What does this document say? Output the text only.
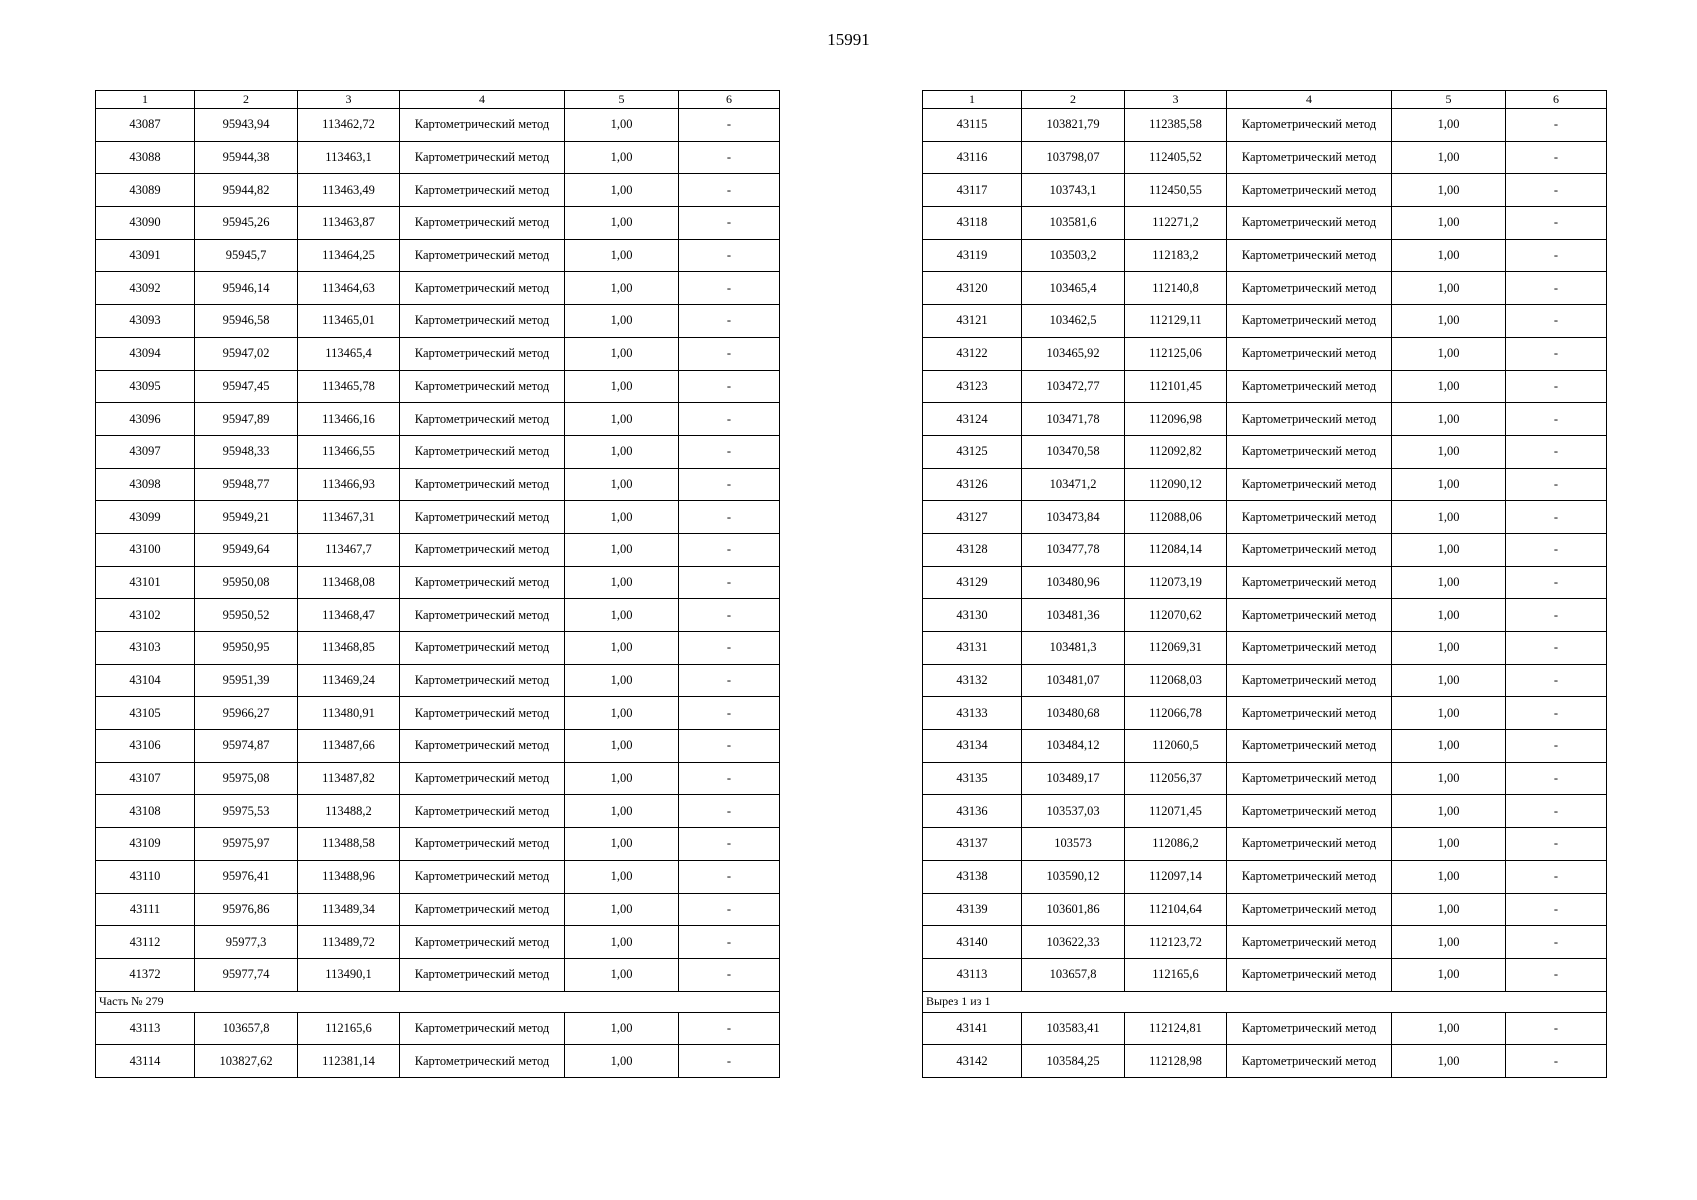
15991
1	2	3	4	5	6
43087	95943,94	113462,72	Картометрический метод	1,00	-
43088	95944,38	113463,1	Картометрический метод	1,00	-
43089	95944,82	113463,49	Картометрический метод	1,00	-
43090	95945,26	113463,87	Картометрический метод	1,00	-
43091	95945,7	113464,25	Картометрический метод	1,00	-
43092	95946,14	113464,63	Картометрический метод	1,00	-
43093	95946,58	113465,01	Картометрический метод	1,00	-
43094	95947,02	113465,4	Картометрический метод	1,00	-
43095	95947,45	113465,78	Картометрический метод	1,00	-
43096	95947,89	113466,16	Картометрический метод	1,00	-
43097	95948,33	113466,55	Картометрический метод	1,00	-
43098	95948,77	113466,93	Картометрический метод	1,00	-
43099	95949,21	113467,31	Картометрический метод	1,00	-
43100	95949,64	113467,7	Картометрический метод	1,00	-
43101	95950,08	113468,08	Картометрический метод	1,00	-
43102	95950,52	113468,47	Картометрический метод	1,00	-
43103	95950,95	113468,85	Картометрический метод	1,00	-
43104	95951,39	113469,24	Картометрический метод	1,00	-
43105	95966,27	113480,91	Картометрический метод	1,00	-
43106	95974,87	113487,66	Картометрический метод	1,00	-
43107	95975,08	113487,82	Картометрический метод	1,00	-
43108	95975,53	113488,2	Картометрический метод	1,00	-
43109	95975,97	113488,58	Картометрический метод	1,00	-
43110	95976,41	113488,96	Картометрический метод	1,00	-
43111	95976,86	113489,34	Картометрический метод	1,00	-
43112	95977,3	113489,72	Картометрический метод	1,00	-
41372	95977,74	113490,1	Картометрический метод	1,00	-
Часть № 279					
43113	103657,8	112165,6	Картометрический метод	1,00	-
43114	103827,62	112381,14	Картометрический метод	1,00	-
1	2	3	4	5	6
43115	103821,79	112385,58	Картометрический метод	1,00	-
43116	103798,07	112405,52	Картометрический метод	1,00	-
43117	103743,1	112450,55	Картометрический метод	1,00	-
43118	103581,6	112271,2	Картометрический метод	1,00	-
43119	103503,2	112183,2	Картометрический метод	1,00	-
43120	103465,4	112140,8	Картометрический метод	1,00	-
43121	103462,5	112129,11	Картометрический метод	1,00	-
43122	103465,92	112125,06	Картометрический метод	1,00	-
43123	103472,77	112101,45	Картометрический метод	1,00	-
43124	103471,78	112096,98	Картометрический метод	1,00	-
43125	103470,58	112092,82	Картометрический метод	1,00	-
43126	103471,2	112090,12	Картометрический метод	1,00	-
43127	103473,84	112088,06	Картометрический метод	1,00	-
43128	103477,78	112084,14	Картометрический метод	1,00	-
43129	103480,96	112073,19	Картометрический метод	1,00	-
43130	103481,36	112070,62	Картометрический метод	1,00	-
43131	103481,3	112069,31	Картометрический метод	1,00	-
43132	103481,07	112068,03	Картометрический метод	1,00	-
43133	103480,68	112066,78	Картометрический метод	1,00	-
43134	103484,12	112060,5	Картометрический метод	1,00	-
43135	103489,17	112056,37	Картометрический метод	1,00	-
43136	103537,03	112071,45	Картометрический метод	1,00	-
43137	103573	112086,2	Картометрический метод	1,00	-
43138	103590,12	112097,14	Картометрический метод	1,00	-
43139	103601,86	112104,64	Картометрический метод	1,00	-
43140	103622,33	112123,72	Картометрический метод	1,00	-
43113	103657,8	112165,6	Картометрический метод	1,00	-
Вырез 1 из 1					
43141	103583,41	112124,81	Картометрический метод	1,00	-
43142	103584,25	112128,98	Картометрический метод	1,00	-
